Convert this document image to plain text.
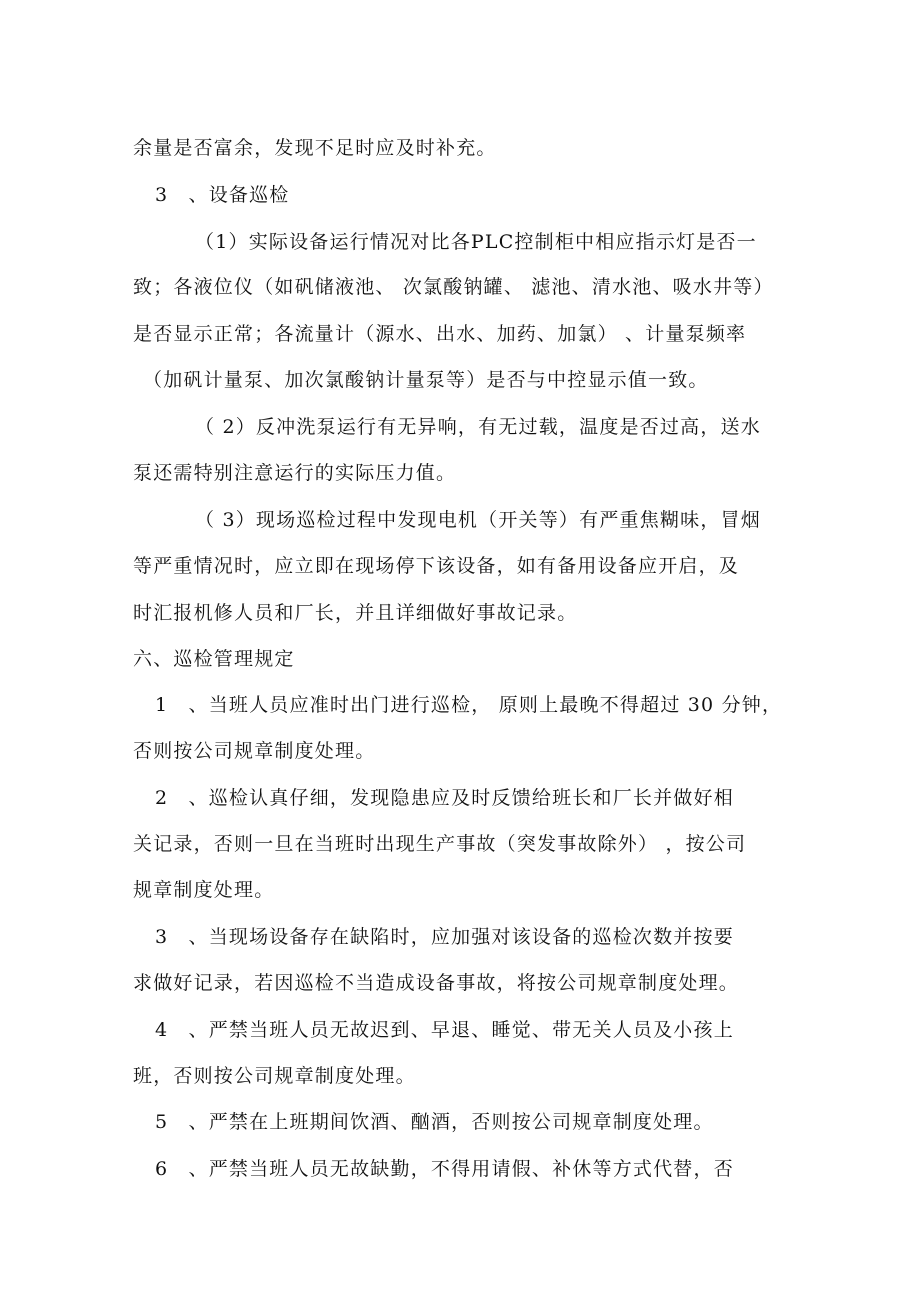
余量是否富余，发现不足时应及时补充。

3　、设备巡检

（1）实际设备运行情况对比各PLC控制柜中相应指示灯是否一

致；各液位仪（如矾储液池、 次氯酸钠罐、 滤池、清水池、吸水井等）

是否显示正常；各流量计（源水、出水、加药、加氯） 、计量泵频率

（加矾计量泵、加次氯酸钠计量泵等）是否与中控显示值一致。

（ 2）反冲洗泵运行有无异响，有无过载，温度是否过高，送水

泵还需特别注意运行的实际压力值。

（ 3）现场巡检过程中发现电机（开关等）有严重焦糊味，冒烟

等严重情况时，应立即在现场停下该设备，如有备用设备应开启，及

时汇报机修人员和厂长，并且详细做好事故记录。

六、巡检管理规定

1　、当班人员应准时出门进行巡检， 原则上最晚不得超过 30 分钟，

否则按公司规章制度处理。

2　、巡检认真仔细，发现隐患应及时反馈给班长和厂长并做好相

关记录，否则一旦在当班时出现生产事故（突发事故除外） ，按公司

规章制度处理。

3　、当现场设备存在缺陷时，应加强对该设备的巡检次数并按要

求做好记录，若因巡检不当造成设备事故，将按公司规章制度处理。

4　、严禁当班人员无故迟到、早退、睡觉、带无关人员及小孩上

班，否则按公司规章制度处理。

5　、严禁在上班期间饮酒、酗酒，否则按公司规章制度处理。

6　、严禁当班人员无故缺勤，不得用请假、补休等方式代替，否
